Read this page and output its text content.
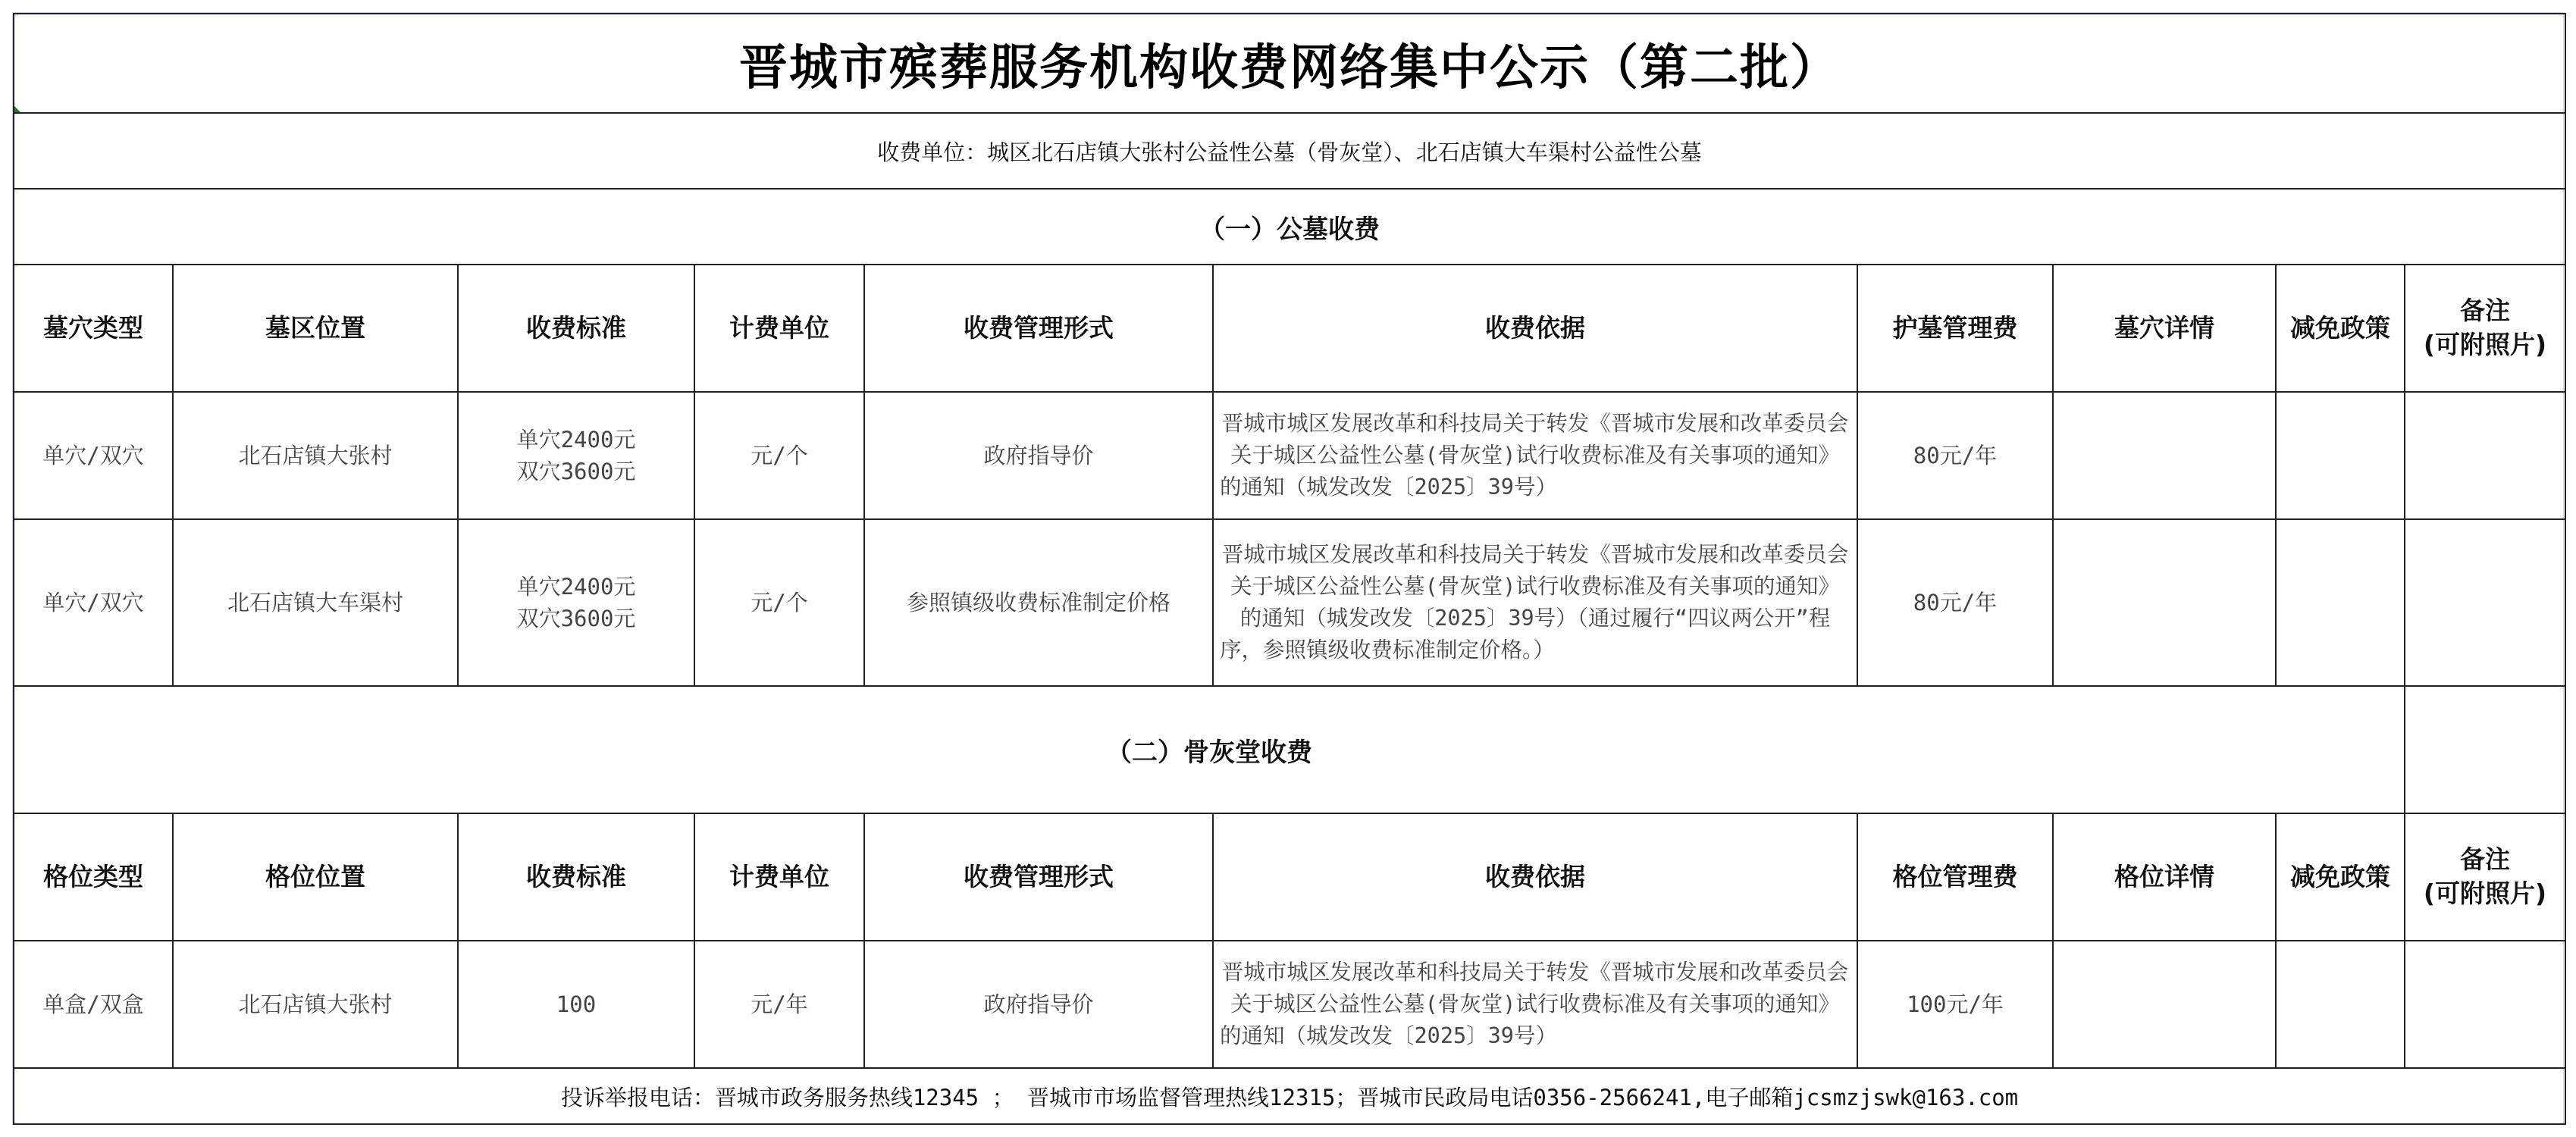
晋城市殡葬服务机构收费网络集中公示（第二批）									

收费单位：城区北石店镇大张村公益性公墓（骨灰堂）、北石店镇大车渠村公益性公墓									
（一）公墓收费									
墓穴类型	墓区位置	收费标准	计费单位	收费管理形式	收费依据	护墓管理费	墓穴详情	减免政策	备注
(可附照片)

单穴/双穴	北石店镇大张村	单穴2400元
双穴3600元	元/个	政府指导价	晋城市城区发展改革和科技局关于转发《晋城市发展和改革委员会关于城区公益性公墓(骨灰堂)试行收费标准及有关事项的通知》的通知（城发改发〔2025〕39号）	80元/年			
单穴/双穴	北石店镇大车渠村	单穴2400元
双穴3600元	元/个	参照镇级收费标准制定价格	晋城市城区发展改革和科技局关于转发《晋城市发展和改革委员会关于城区公益性公墓(骨灰堂)试行收费标准及有关事项的通知》的通知（城发改发〔2025〕39号）（通过履行“四议两公开”程序，参照镇级收费标准制定价格。）	80元/年			
（二）骨灰堂收费									
格位类型	格位位置	收费标准	计费单位	收费管理形式	收费依据	格位管理费	格位详情	减免政策	备注
(可附照片)

单盒/双盒	北石店镇大张村	100	元/年	政府指导价	晋城市城区发展改革和科技局关于转发《晋城市发展和改革委员会关于城区公益性公墓(骨灰堂)试行收费标准及有关事项的通知》的通知（城发改发〔2025〕39号）	100元/年			
投诉举报电话：晋城市政务服务热线12345 ； 晋城市市场监督管理热线12315；晋城市民政局电话0356-2566241,电子邮箱jcsmzjswk@163.com									
